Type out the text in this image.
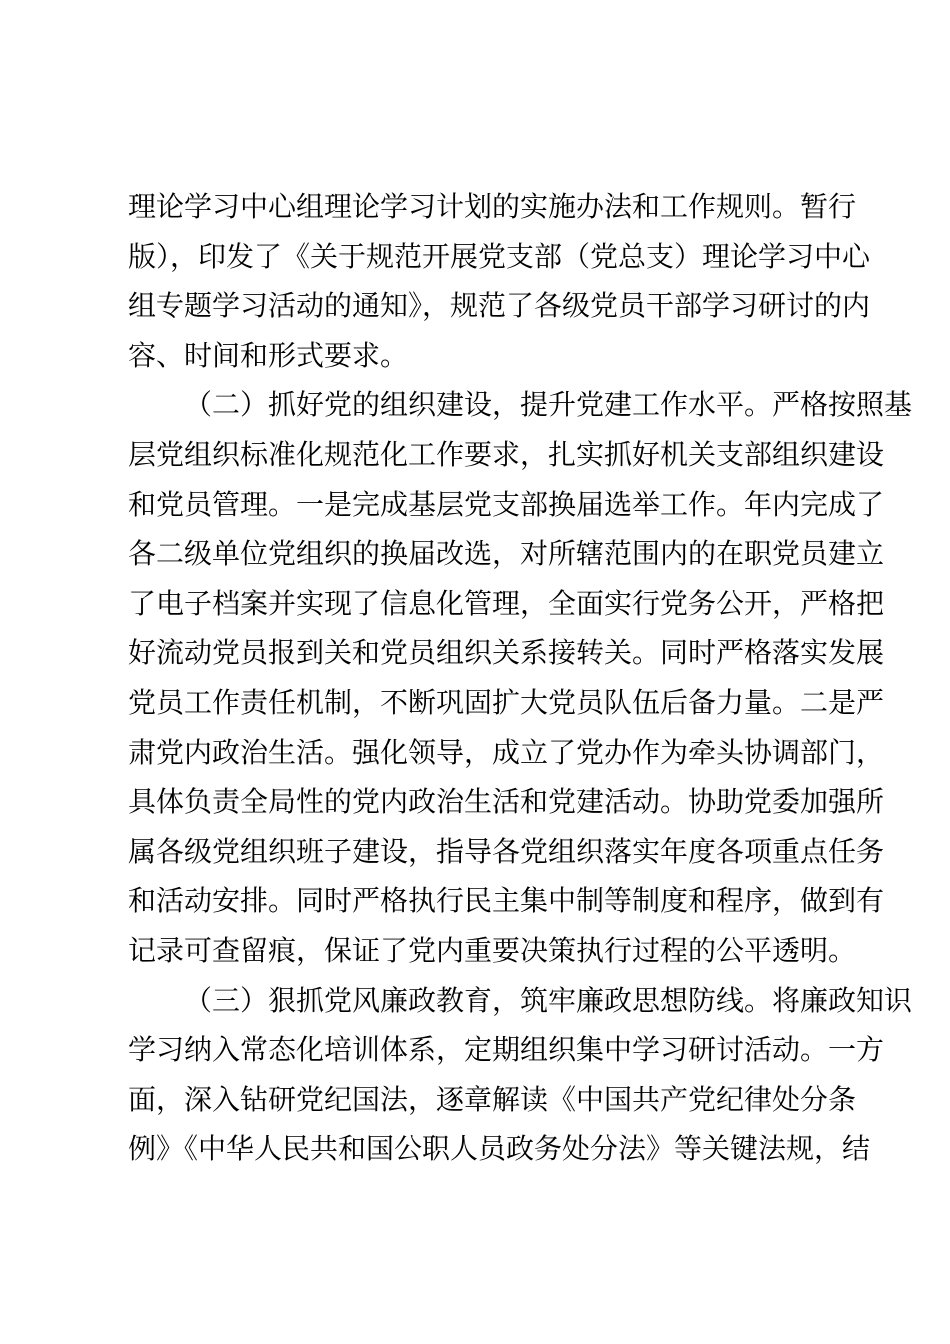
理论学习中心组理论学习计划的实施办法和工作规则。暂行
版），印发了《关于规范开展党支部（党总支）理论学习中心
组专题学习活动的通知》，规范了各级党员干部学习研讨的内
容、时间和形式要求。
（二）抓好党的组织建设，提升党建工作水平。严格按照基
层党组织标准化规范化工作要求，扎实抓好机关支部组织建设
和党员管理。一是完成基层党支部换届选举工作。年内完成了
各二级单位党组织的换届改选，对所辖范围内的在职党员建立
了电子档案并实现了信息化管理，全面实行党务公开，严格把
好流动党员报到关和党员组织关系接转关。同时严格落实发展
党员工作责任机制，不断巩固扩大党员队伍后备力量。二是严
肃党内政治生活。强化领导，成立了党办作为牵头协调部门，
具体负责全局性的党内政治生活和党建活动。协助党委加强所
属各级党组织班子建设，指导各党组织落实年度各项重点任务
和活动安排。同时严格执行民主集中制等制度和程序，做到有
记录可查留痕，保证了党内重要决策执行过程的公平透明。
（三）狠抓党风廉政教育，筑牢廉政思想防线。将廉政知识
学习纳入常态化培训体系，定期组织集中学习研讨活动。一方
面，深入钻研党纪国法，逐章解读《中国共产党纪律处分条
例》《中华人民共和国公职人员政务处分法》等关键法规，结
